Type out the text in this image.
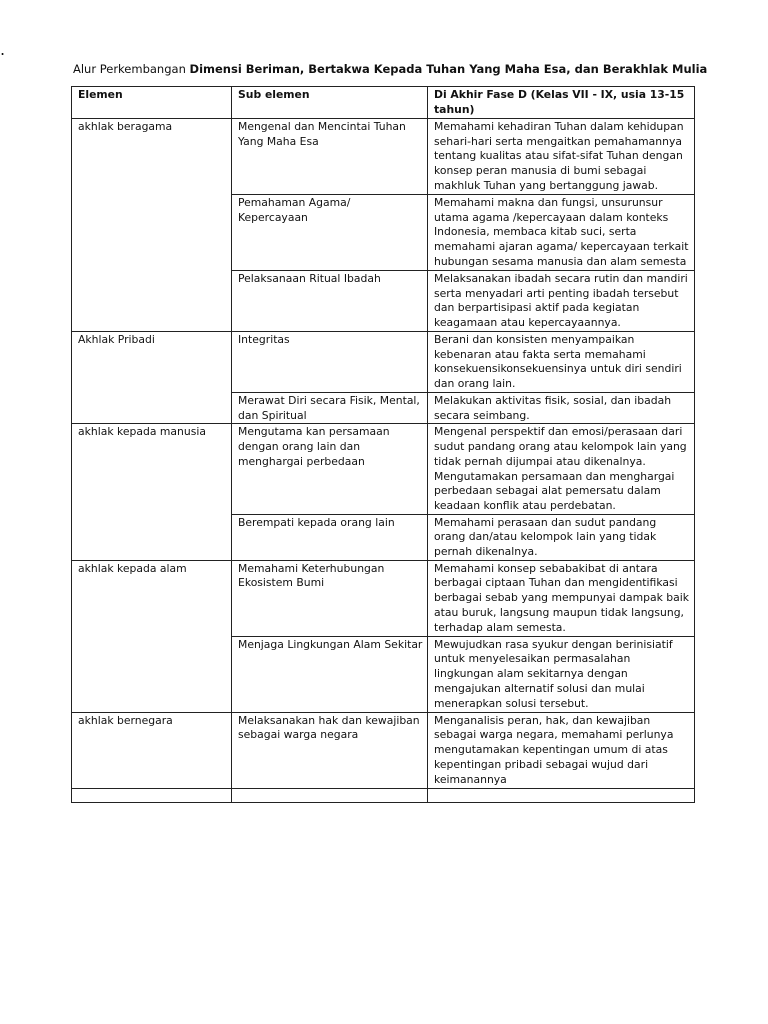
.
Alur Perkembangan Dimensi Beriman, Bertakwa Kepada Tuhan Yang Maha Esa, dan Berakhlak Mulia
Elemen	Sub elemen	Di Akhir Fase D (Kelas VII - IX, usia 13-15 tahun)
akhlak beragama	Mengenal dan Mencintai Tuhan Yang Maha Esa	Memahami kehadiran Tuhan dalam kehidupan sehari-hari serta mengaitkan pemahamannya tentang kualitas atau sifat-sifat Tuhan dengan konsep peran manusia di bumi sebagai makhluk Tuhan yang bertanggung jawab.
	Pemahaman Agama/ Kepercayaan	Memahami makna dan fungsi, unsurunsur utama agama /kepercayaan dalam konteks Indonesia, membaca kitab suci, serta memahami ajaran agama/ kepercayaan terkait hubungan sesama manusia dan alam semesta
	Pelaksanaan Ritual Ibadah	Melaksanakan ibadah secara rutin dan mandiri serta menyadari arti penting ibadah tersebut dan berpartisipasi aktif pada kegiatan keagamaan atau kepercayaannya.
Akhlak Pribadi	Integritas	Berani dan konsisten menyampaikan kebenaran atau fakta serta memahami konsekuensikonsekuensinya untuk diri sendiri dan orang lain.
	Merawat Diri secara Fisik, Mental, dan Spiritual	Melakukan aktivitas fisik, sosial, dan ibadah secara seimbang.
akhlak kepada manusia	Mengutama kan persamaan dengan orang lain dan menghargai perbedaan	Mengenal perspektif dan emosi/perasaan dari sudut pandang orang atau kelompok lain yang tidak pernah dijumpai atau dikenalnya. Mengutamakan persamaan dan menghargai perbedaan sebagai alat pemersatu dalam keadaan konflik atau perdebatan.
	Berempati kepada orang lain	Memahami perasaan dan sudut pandang orang dan/atau kelompok lain yang tidak pernah dikenalnya.
akhlak kepada alam	Memahami Keterhubungan Ekosistem Bumi	Memahami konsep sebabakibat di antara berbagai ciptaan Tuhan dan mengidentifikasi berbagai sebab yang mempunyai dampak baik atau buruk, langsung maupun tidak langsung, terhadap alam semesta.
	Menjaga Lingkungan Alam Sekitar	Mewujudkan rasa syukur dengan berinisiatif untuk menyelesaikan permasalahan lingkungan alam sekitarnya dengan mengajukan alternatif solusi dan mulai menerapkan solusi tersebut.
akhlak bernegara	Melaksanakan hak dan kewajiban sebagai warga negara	Menganalisis peran, hak, dan kewajiban sebagai warga negara, memahami perlunya mengutamakan kepentingan umum di atas kepentingan pribadi sebagai wujud dari keimanannya
